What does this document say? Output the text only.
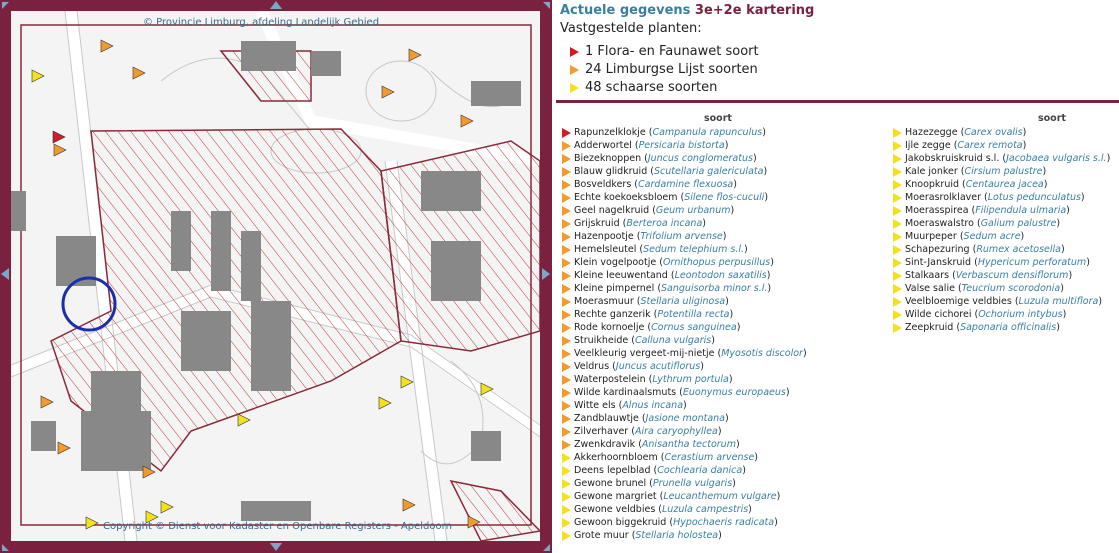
© Provincie Limburg, afdeling Landelijk Gebied
Copyright © Dienst voor Kadaster en Openbare Registers - Apeldoorn
Actuele gegevens 3e+2e kartering
Vastgestelde planten:
1 Flora- en Faunawet soort
24 Limburgse Lijst soorten
48 schaarse soorten
soort	soort
Rapunzelklokje ( Campanula rapunculus )
Adderwortel ( Persicaria bistorta )
Biezeknoppen ( Juncus conglomeratus )
Blauw glidkruid ( Scutellaria galericulata )
Bosveldkers ( Cardamine flexuosa )
Echte koekoeksbloem ( Silene flos-cuculi )
Geel nagelkruid ( Geum urbanum )
Grijskruid ( Berteroa incana )
Hazenpootje ( Trifolium arvense )
Hemelsleutel ( Sedum telephium s.l. )
Klein vogelpootje ( Ornithopus perpusillus )
Kleine leeuwentand ( Leontodon saxatilis )
Kleine pimpernel ( Sanguisorba minor s.l. )
Moerasmuur ( Stellaria uliginosa )
Rechte ganzerik ( Potentilla recta )
Rode kornoelje ( Cornus sanguinea )
Struikheide ( Calluna vulgaris )
Veelkleurig vergeet-mij-nietje ( Myosotis discolor )
Veldrus ( Juncus acutiflorus )
Waterpostelein ( Lythrum portula )
Wilde kardinaalsmuts ( Euonymus europaeus )
Witte els ( Alnus incana )
Zandblauwtje ( Jasione montana )
Zilverhaver ( Aira caryophyllea )
Zwenkdravik ( Anisantha tectorum )
Akkerhoornbloem ( Cerastium arvense )
Deens lepelblad ( Cochlearia danica )
Gewone brunel ( Prunella vulgaris )
Gewone margriet ( Leucanthemum vulgare )
Gewone veldbies ( Luzula campestris )
Gewoon biggekruid ( Hypochaeris radicata )
Grote muur ( Stellaria holostea )
Hazezegge ( Carex ovalis )
Ijle zegge ( Carex remota )
Jakobskruiskruid s.l. ( Jacobaea vulgaris s.l. )
Kale jonker ( Cirsium palustre )
Knoopkruid ( Centaurea jacea )
Moerasrolklaver ( Lotus pedunculatus )
Moerasspirea ( Filipendula ulmaria )
Moeraswalstro ( Galium palustre )
Muurpeper ( Sedum acre )
Schapezuring ( Rumex acetosella )
Sint-Janskruid ( Hypericum perforatum )
Stalkaars ( Verbascum densiflorum )
Valse salie ( Teucrium scorodonia )
Veelbloemige veldbies ( Luzula multiflora )
Wilde cichorei ( Ochorium intybus )
Zeepkruid ( Saponaria officinalis )
